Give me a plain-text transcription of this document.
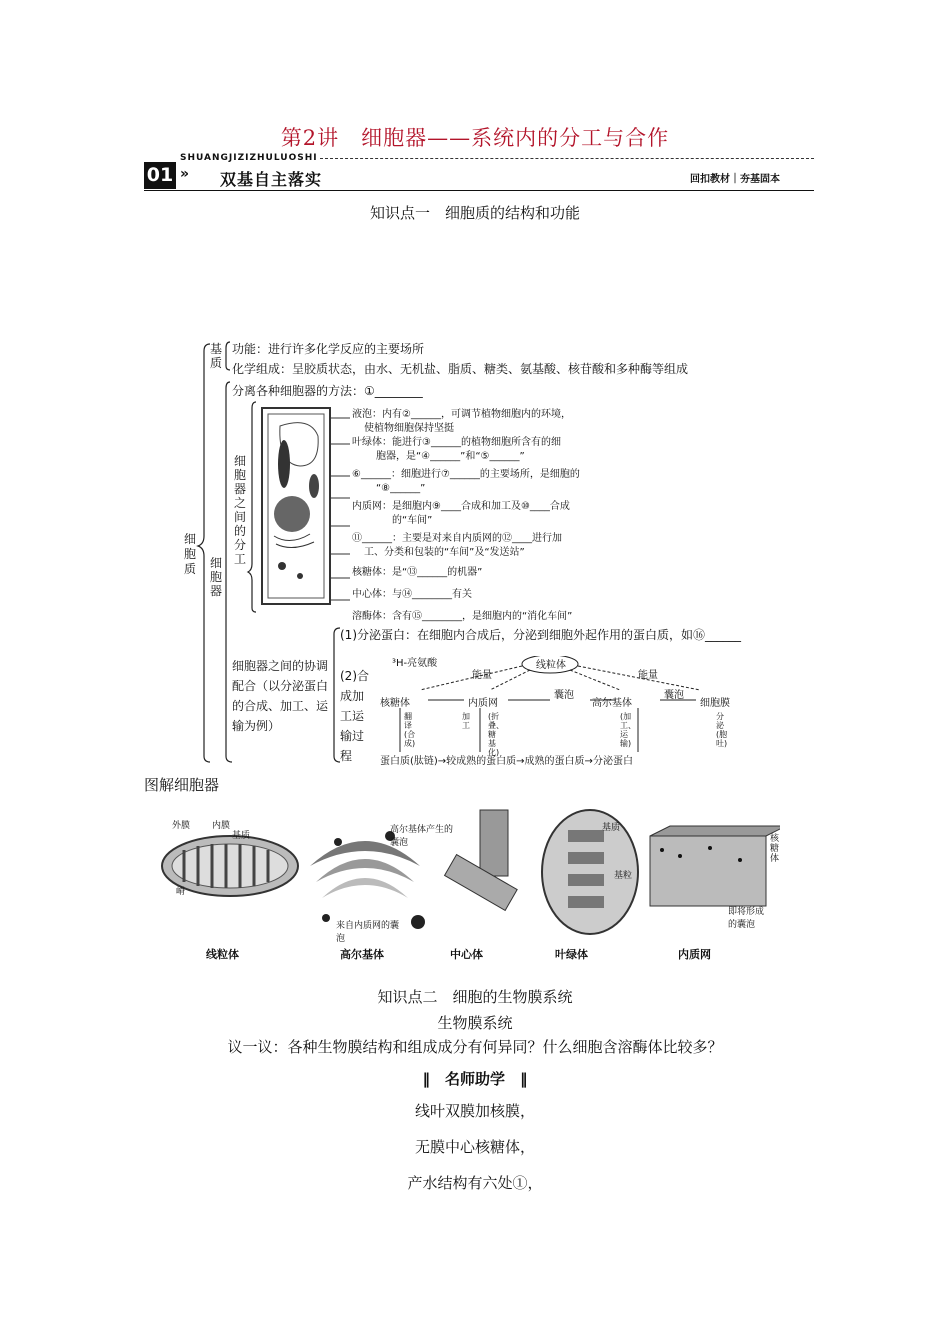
第2讲　细胞器——系统内的分工与合作
SHUANGJIZIZHULUOSHI
01 » 双基自主落实	回扣教材｜夯基固本
知识点一　细胞质的结构和功能
细胞质
基质
功能：进行许多化学反应的主要场所
化学组成：呈胶质状态，由水、无机盐、脂质、糖类、氨基酸、核苷酸和多种酶等组成
细胞器
分离各种细胞器的方法：①________
细胞器之间的分工
液泡：内有②______，可调节植物细胞内的环境，
使植物细胞保持坚挺
叶绿体：能进行③______的植物细胞所含有的细
胞器，是“④______”和“⑤______”
⑥______：细胞进行⑦______的主要场所，是细胞的
“⑧______”
内质网：是细胞内⑨____合成和加工及⑩____合成
的“车间”
⑪______：主要是对来自内质网的⑫____进行加
工、分类和包装的“车间”及“发送站”
核糖体：是“⑬______的机器”
中心体：与⑭________有关
溶酶体：含有⑮________，是细胞内的“消化车间”
细胞器之间的协调配合（以分泌蛋白的合成、加工、运输为例）
(1)分泌蛋白：在细胞内合成后，分泌到细胞外起作用的蛋白质，如⑯______
(2)合成加工运输过程
³H-亮氨酸	线粒体
能量	能量
核糖体	内质网
囊泡
高尔基体
囊泡
细胞膜
翻译(合成)
加工
(折叠、糖基化)
(加工、运输)
分泌(胞吐)
蛋白质(肽链)→较成熟的蛋白质→成熟的蛋白质→分泌蛋白
图解细胞器
外膜 内膜
基质
嵴
高尔基体产生的囊泡
来自内质网的囊泡
基质
基粒
核糖体
即将形成的囊泡
线粒体	高尔基体	中心体	叶绿体	内质网
知识点二　细胞的生物膜系统
生物膜系统
议一议：各种生物膜结构和组成成分有何异同？什么细胞含溶酶体比较多？
‖　名师助学　‖
线叶双膜加核膜，
无膜中心核糖体，
产水结构有六处①，
